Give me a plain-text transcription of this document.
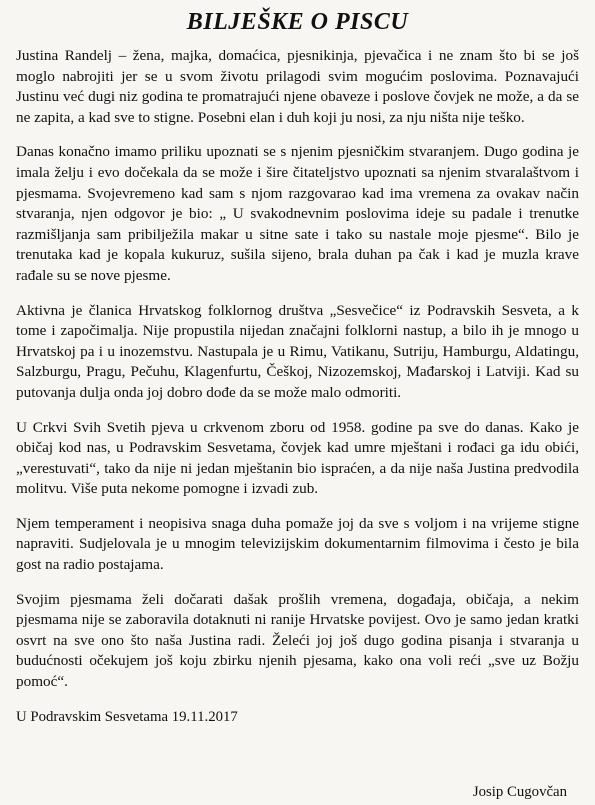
BILJEŠKE O PISCU

Justina Randelj – žena, majka, domaćica, pjesnikinja, pjevačica i ne znam što bi se još moglo nabrojiti jer se u svom životu prilagodi svim mogućim poslovima. Poznavajući Justinu već dugi niz godina te promatrajući njene obaveze i poslove čovjek ne može, a da se ne zapita, a kad sve to stigne. Posebni elan i duh koji ju nosi, za nju ništa nije teško.

Danas konačno imamo priliku upoznati se s njenim pjesničkim stvaranjem. Dugo godina je imala želju i evo dočekala da se može i šire čitateljstvo upoznati sa njenim stvaralaštvom i pjesmama. Svojevremeno kad sam s njom razgovarao kad ima vremena za ovakav način stvaranja, njen odgovor je bio: „ U svakodnevnim poslovima ideje su padale i trenutke razmišljanja sam pribilježila makar u sitne sate i tako su nastale moje pjesme“. Bilo je trenutaka kad je kopala kukuruz, sušila sijeno, brala duhan pa čak i kad je muzla krave rađale su se nove pjesme.

Aktivna je članica Hrvatskog folklornog društva „Sesvečice“ iz Podravskih Sesveta, a k tome i započimalja. Nije propustila nijedan značajni folklorni nastup, a bilo ih je mnogo u Hrvatskoj pa i u inozemstvu. Nastupala je u Rimu, Vatikanu, Sutriju, Hamburgu, Aldatingu, Salzburgu, Pragu, Pečuhu, Klagenfurtu, Češkoj, Nizozemskoj, Mađarskoj i Latviji. Kad su putovanja dulja onda joj dobro dođe da se može malo odmoriti.

U Crkvi Svih Svetih pjeva u crkvenom zboru od 1958. godine pa sve do danas. Kako je običaj kod nas, u Podravskim Sesvetama, čovjek kad umre mještani i rođaci ga idu obići, „verestuvati“, tako da nije ni jedan mještanin bio ispraćen, a da nije naša Justina predvodila molitvu. Više puta nekome pomogne i izvadi zub.

Njem temperament i neopisiva snaga duha pomaže joj da sve s voljom i na vrijeme stigne napraviti. Sudjelovala je u mnogim televizijskim dokumentarnim filmovima i često je bila gost na radio postajama.

Svojim pjesmama želi dočarati dašak prošlih vremena, događaja, običaja, a nekim pjesmama nije se zaboravila dotaknuti ni ranije Hrvatske povijest. Ovo je samo jedan kratki osvrt na sve ono što naša Justina radi. Želeći joj još dugo godina pisanja i stvaranja u budućnosti očekujem još koju zbirku njenih pjesama, kako ona voli reći „sve uz Božju pomoć“.

U Podravskim Sesvetama 19.11.2017
Josip Cugovčan
